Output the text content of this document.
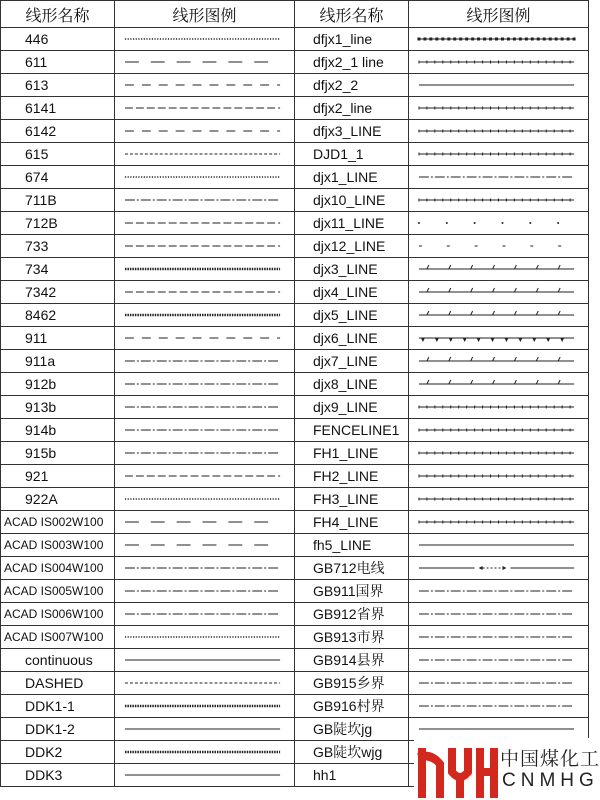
线形名称	线形图例	线形名称	线形图例
446		dfjx1_line	

611		dfjx2_1 line	

613		dfjx2_2	

6141		dfjx2_line	

6142		dfjx3_LINE	

615		DJD1_1	

674		djx1_LINE	

711B		djx10_LINE	

712B		djx11_LINE	

733		djx12_LINE	

734		djx3_LINE	

7342		djx4_LINE	

8462		djx5_LINE	

911		djx6_LINE	

911a		djx7_LINE	

912b		djx8_LINE	

913b		djx9_LINE	

914b		FENCELINE1	

915b		FH1_LINE	

921		FH2_LINE	

922A		FH3_LINE	

ACAD IS002W100		FH4_LINE	

ACAD IS003W100		fh5_LINE	

ACAD IS004W100		GB712电线	

ACAD IS005W100		GB911国界	

ACAD IS006W100		GB912省界	

ACAD IS007W100		GB913市界	

continuous		GB914县界	

DASHED		GB915乡界	

DDK1-1		GB916村界	

DDK1-2		GB陡坎jg	

DDK2		GB陡坎wjg	

DDK3		hh1	
中国煤化工
CNMHG
